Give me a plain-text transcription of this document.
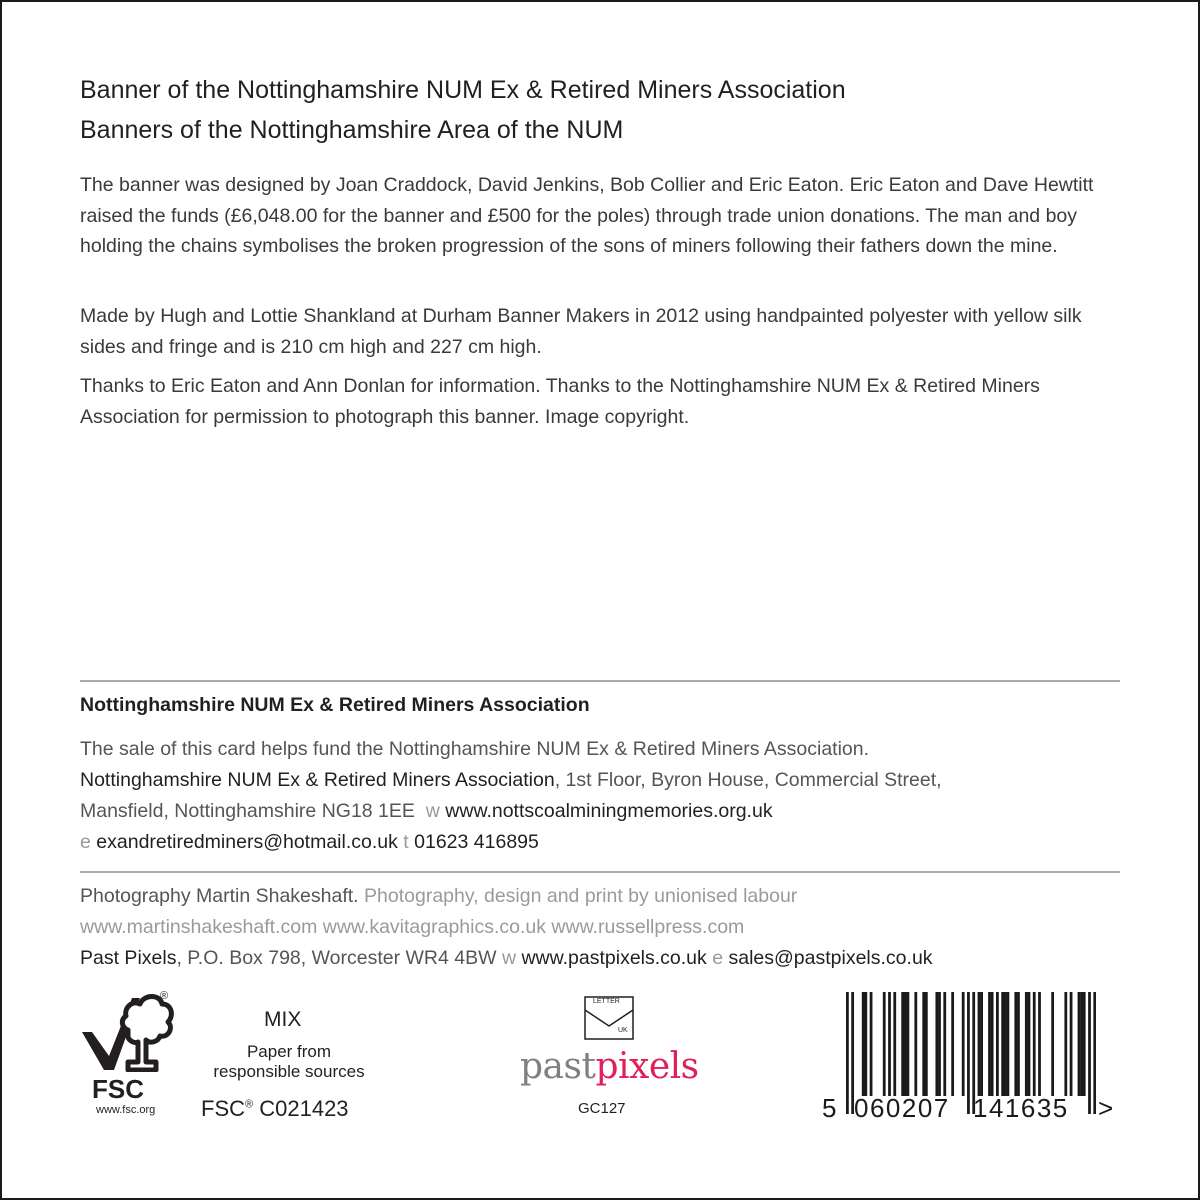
Banner of the Nottinghamshire NUM Ex & Retired Miners Association
Banners of the Nottinghamshire Area of the NUM
The banner was designed by Joan Craddock, David Jenkins, Bob Collier and Eric Eaton. Eric Eaton and Dave Hewtitt raised the funds (£6,048.00 for the banner and £500 for the poles) through trade union donations. The man and boy holding the chains symbolises the broken progression of the sons of miners following their fathers down the mine.
Made by Hugh and Lottie Shankland at Durham Banner Makers in 2012 using handpainted polyester with yellow silk sides and fringe and is 210 cm high and 227 cm high.
Thanks to Eric Eaton and Ann Donlan for information. Thanks to the Nottinghamshire NUM Ex & Retired Miners Association for permission to photograph this banner. Image copyright.
Nottinghamshire NUM Ex & Retired Miners Association
The sale of this card helps fund the Nottinghamshire NUM Ex & Retired Miners Association.
Nottinghamshire NUM Ex & Retired Miners Association, 1st Floor, Byron House, Commercial Street,
Mansfield, Nottinghamshire NG18 1EE w www.nottscoalminingmemories.org.uk
e exandretiredminers@hotmail.co.uk t 01623 416895
Photography Martin Shakeshaft. Photography, design and print by unionised labour
www.martinshakeshaft.com www.kavitagraphics.co.uk www.russellpress.com
Past Pixels, P.O. Box 798, Worcester WR4 4BW w www.pastpixels.co.uk e sales@pastpixels.co.uk
FSC
www.fsc.org
®
MIX
Paper from
responsible sources
FSC® C021423
LETTER
UK
pastpixels
GC127	5 060207 141635 >
